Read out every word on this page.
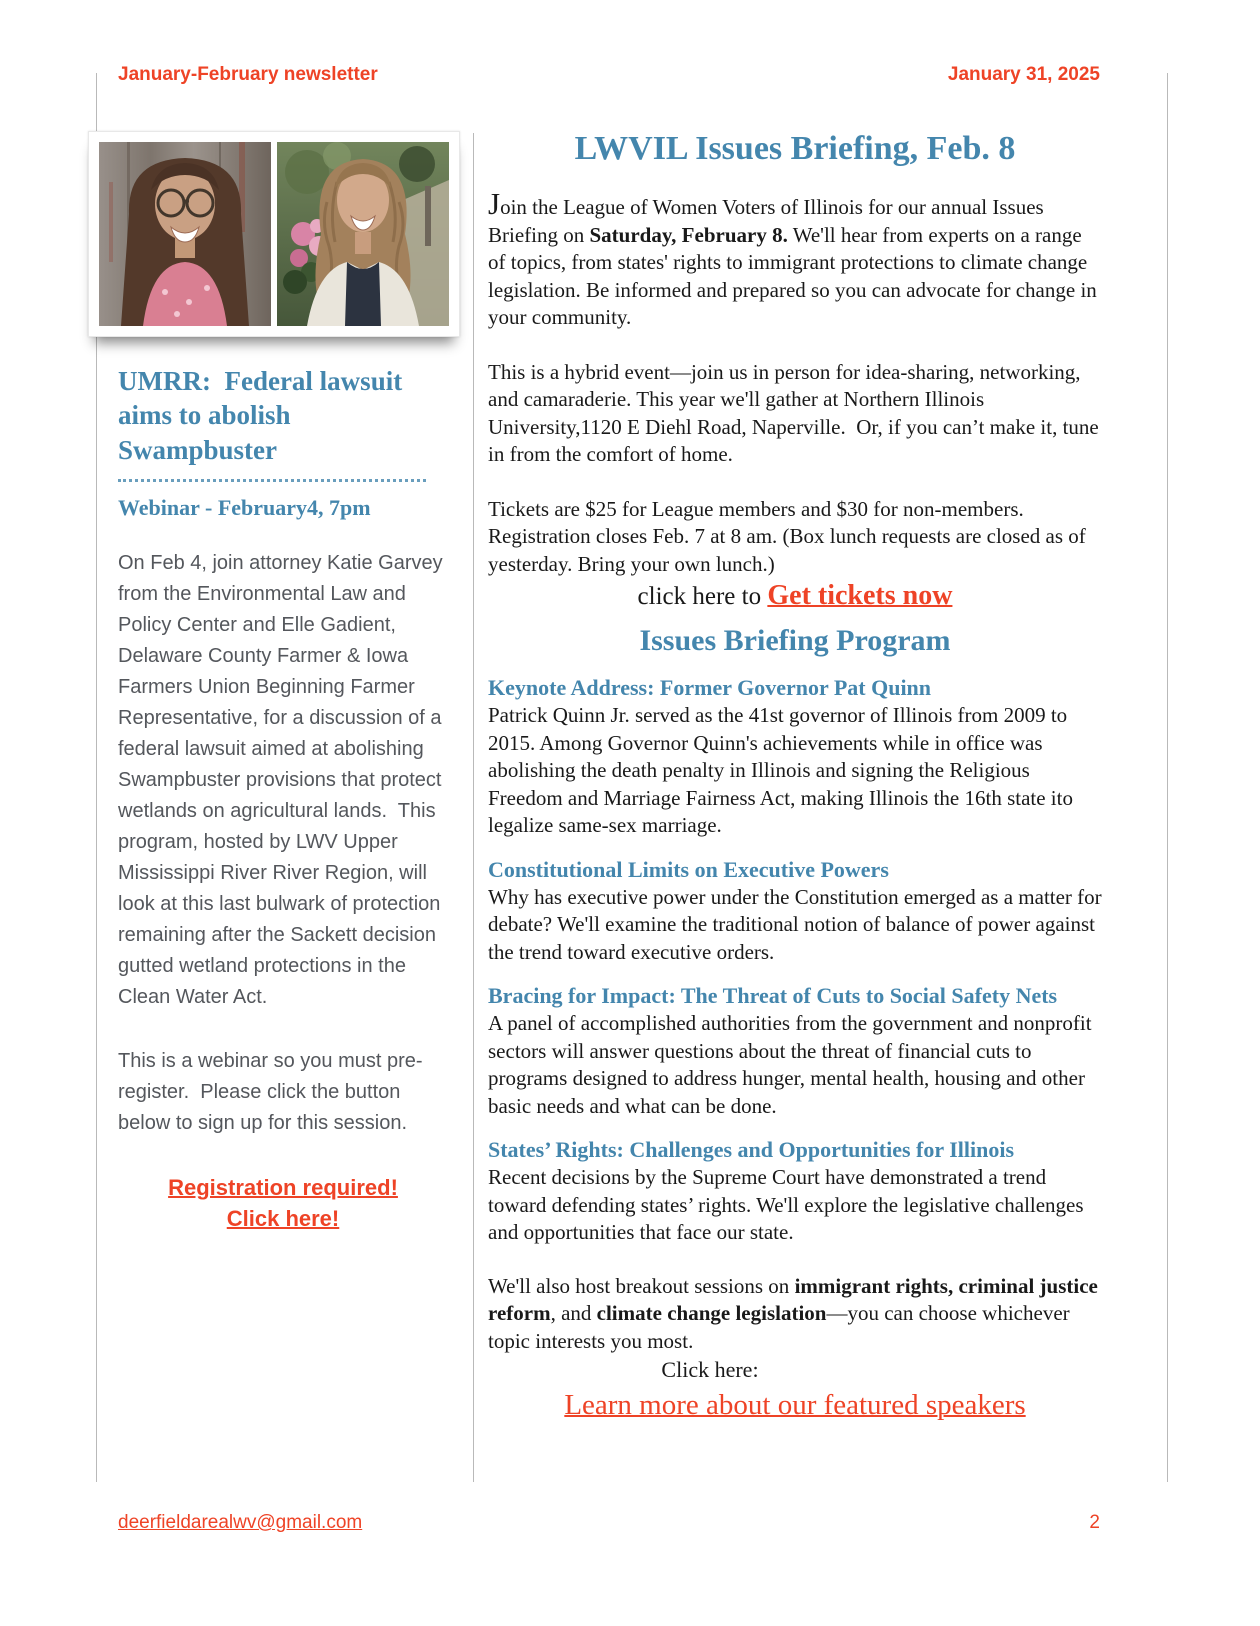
January-February newsletter	January 31, 2025
UMRR:  Federal lawsuit aims to abolish Swampbuster
Webinar - February4, 7pm

On Feb 4, join attorney Katie Garvey from the Environmental Law and Policy Center and Elle Gadient, Delaware County Farmer & Iowa Farmers Union Beginning Farmer Representative, for a discussion of a federal lawsuit aimed at abolishing Swampbuster provisions that protect wetlands on agricultural lands.  This program, hosted by LWV Upper Mississippi River River Region, will look at this last bulwark of protection remaining after the Sackett decision gutted wetland protections in the Clean Water Act.

This is a webinar so you must pre-register.  Please click the button below to sign up for this session.

Registration required!
Click here!
LWVIL Issues Briefing, Feb. 8

Join the League of Women Voters of Illinois for our annual Issues Briefing on Saturday, February 8. We'll hear from experts on a range of topics, from states' rights to immigrant protections to climate change legislation. Be informed and prepared so you can advocate for change in your community.

This is a hybrid event—join us in person for idea-sharing, networking, and camaraderie. This year we'll gather at Northern Illinois University,1120 E Diehl Road, Naperville.  Or, if you can’t make it, tune in from the comfort of home.

Tickets are $25 for League members and $30 for non-members. Registration closes Feb. 7 at 8 am. (Box lunch requests are closed as of yesterday. Bring your own lunch.)

click here to Get tickets now
Issues Briefing Program
Keynote Address: Former Governor Pat Quinn

Patrick Quinn Jr. served as the 41st governor of Illinois from 2009 to 2015. Among Governor Quinn's achievements while in office was abolishing the death penalty in Illinois and signing the Religious Freedom and Marriage Fairness Act, making Illinois the 16th state ito legalize same-sex marriage.

Constitutional Limits on Executive Powers

Why has executive power under the Constitution emerged as a matter for debate? We'll examine the traditional notion of balance of power against the trend toward executive orders.

Bracing for Impact: The Threat of Cuts to Social Safety Nets

A panel of accomplished authorities from the government and nonprofit sectors will answer questions about the threat of financial cuts to programs designed to address hunger, mental health, housing and other basic needs and what can be done.

States’ Rights: Challenges and Opportunities for Illinois

Recent decisions by the Supreme Court have demonstrated a trend toward defending states’ rights. We'll explore the legislative challenges and opportunities that face our state.

We'll also host breakout sessions on immigrant rights, criminal justice reform, and climate change legislation—you can choose whichever topic interests you most.

Click here:
Learn more about our featured speakers
deerfieldarealwv@gmail.com	2
